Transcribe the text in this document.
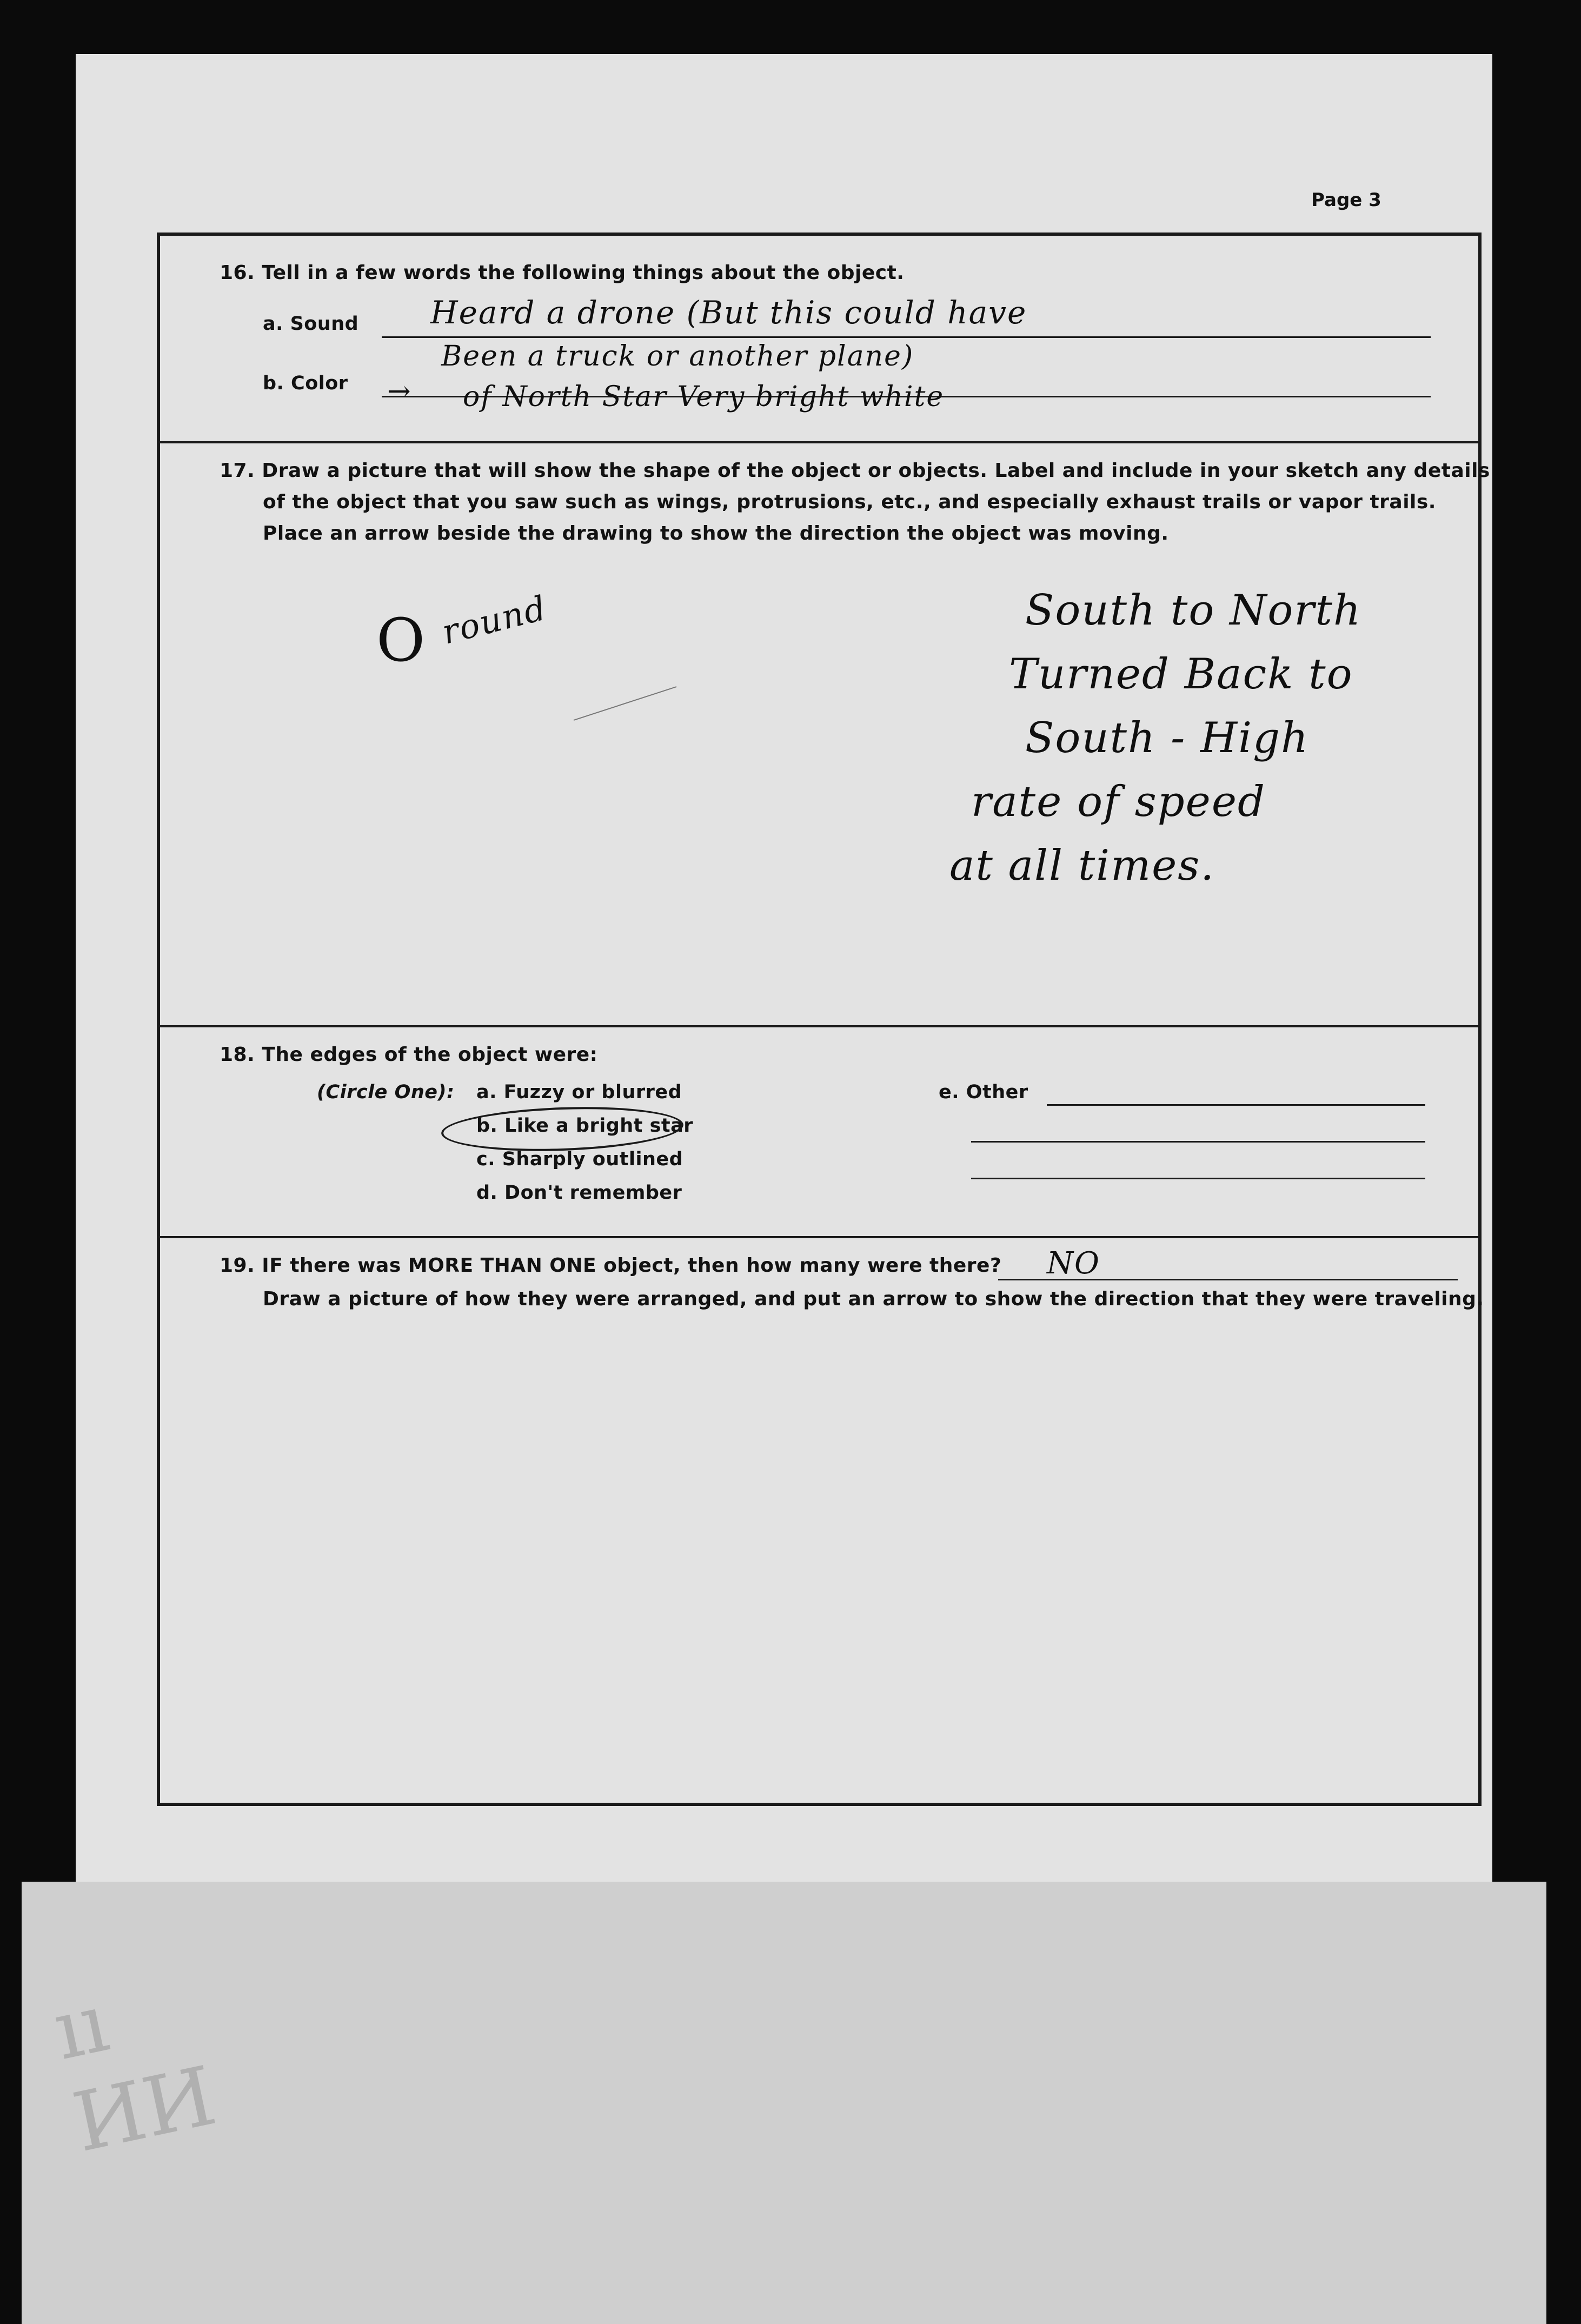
ıı
ИИ
Page 3
16. Tell in a few words the following things about the object.
a. Sound Heard a drone (But this could have
Been a truck or another plane)
b. Color → of North Star Very bright white
17. Draw a picture that will show the shape of the object or objects. Label and include in your sketch any details
of the object that you saw such as wings, protrusions, etc., and especially exhaust trails or vapor trails.
Place an arrow beside the drawing to show the direction the object was moving.
O round	South to North
Turned Back to
South - High
rate of speed
at all times.
18. The edges of the object were:
(Circle One): a. Fuzzy or blurred
b. Like a bright star
c. Sharply outlined
d. Don't remember
e. Other
19. IF there was MORE THAN ONE object, then how many were there? NO
Draw a picture of how they were arranged, and put an arrow to show the direction that they were traveling.
